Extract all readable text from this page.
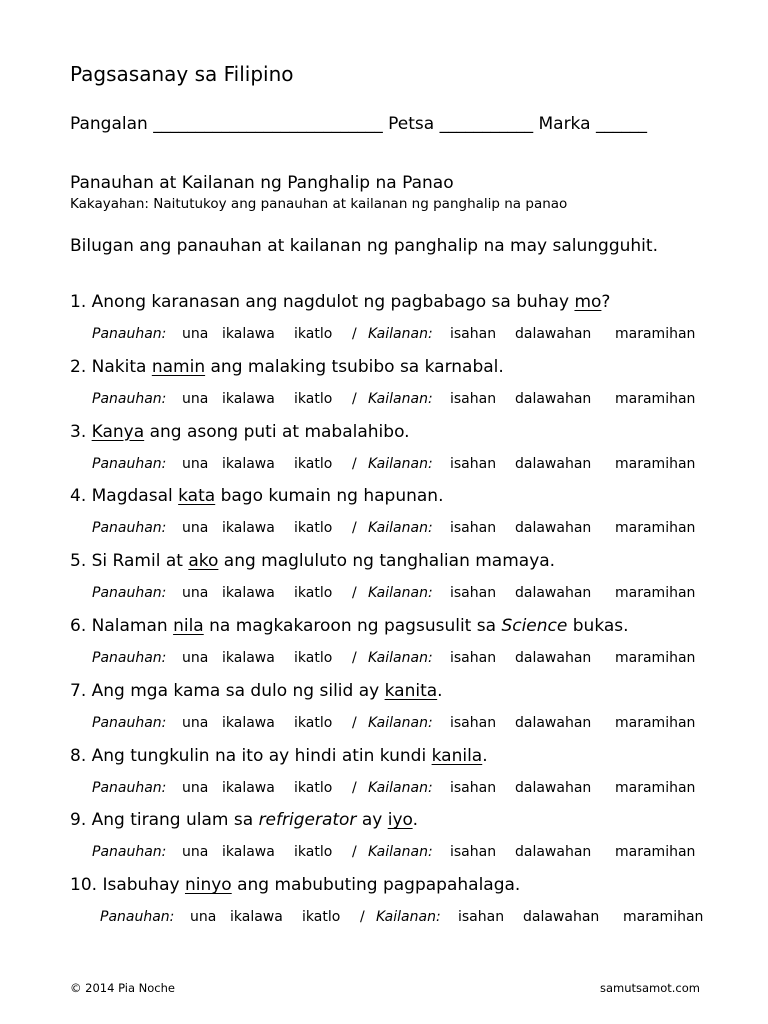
Pagsasanay sa Filipino
Pangalan ___________________________ Petsa ___________ Marka ______
Panauhan at Kailanan ng Panghalip na Panao
Kakayahan: Naitutukoy ang panauhan at kailanan ng panghalip na panao
Bilugan ang panauhan at kailanan ng panghalip na may salungguhit.
1. Anong karanasan ang nagdulot ng pagbabago sa buhay mo?
Panauhan:	una ikalawa	ikatlo	/ Kailanan:	isahan	dalawahan	maramihan
2. Nakita namin ang malaking tsubibo sa karnabal.
Panauhan:	una ikalawa	ikatlo	/ Kailanan:	isahan	dalawahan	maramihan
3. Kanya ang asong puti at mabalahibo.
Panauhan:	una ikalawa	ikatlo	/ Kailanan:	isahan	dalawahan	maramihan
4. Magdasal kata bago kumain ng hapunan.
Panauhan:	una ikalawa	ikatlo	/ Kailanan:	isahan	dalawahan	maramihan
5. Si Ramil at ako ang magluluto ng tanghalian mamaya.
Panauhan:	una ikalawa	ikatlo	/ Kailanan:	isahan	dalawahan	maramihan
6. Nalaman nila na magkakaroon ng pagsusulit sa Science bukas.
Panauhan:	una ikalawa	ikatlo	/ Kailanan:	isahan	dalawahan	maramihan
7. Ang mga kama sa dulo ng silid ay kanita.
Panauhan:	una ikalawa	ikatlo	/ Kailanan:	isahan	dalawahan	maramihan
8. Ang tungkulin na ito ay hindi atin kundi kanila.
Panauhan:	una ikalawa	ikatlo	/ Kailanan:	isahan	dalawahan	maramihan
9. Ang tirang ulam sa refrigerator ay iyo.
Panauhan:	una ikalawa	ikatlo	/ Kailanan:	isahan	dalawahan	maramihan
10. Isabuhay ninyo ang mabubuting pagpapahalaga.
Panauhan:	una ikalawa	ikatlo	/ Kailanan:	isahan	dalawahan	maramihan
© 2014 Pia Noche	samutsamot.com
